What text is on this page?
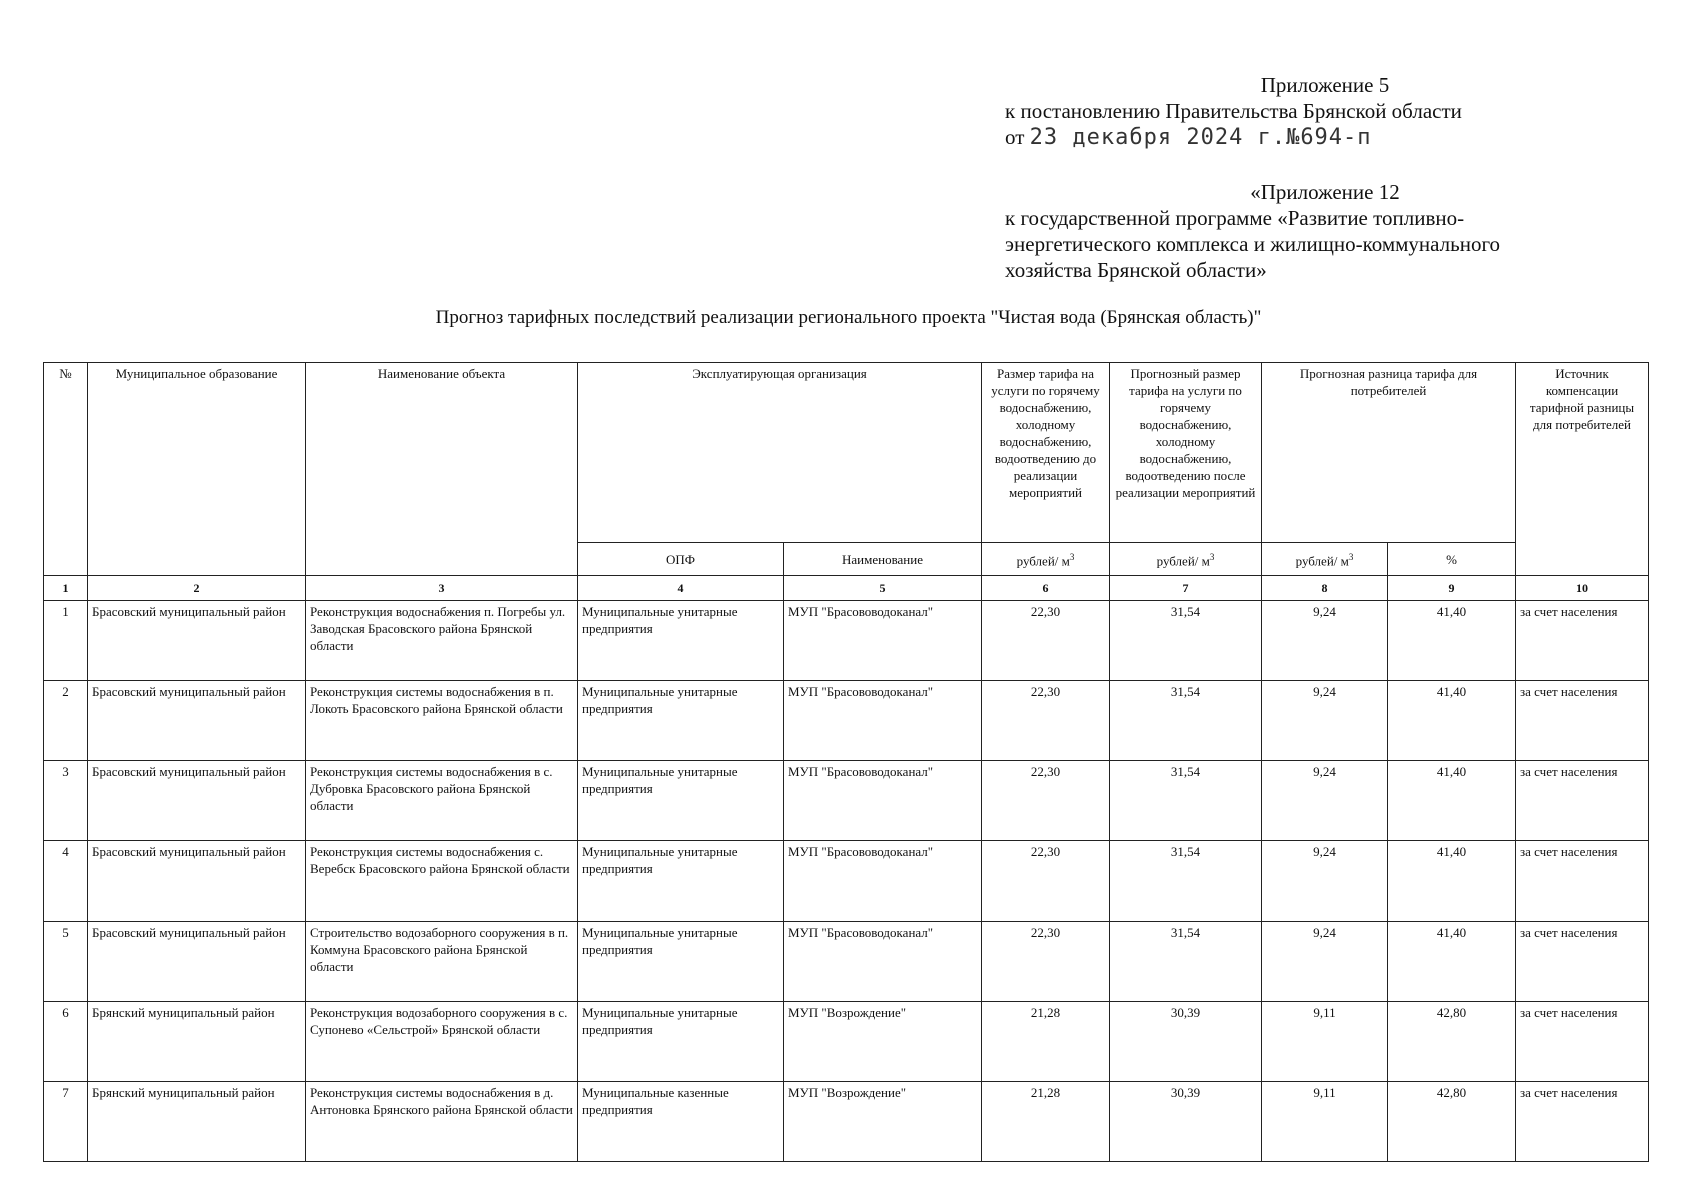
Приложение 5
к постановлению Правительства Брянской области
от 23 декабря 2024 г.№694-п
«Приложение 12
к государственной программе «Развитие топливно-
энергетического комплекса и жилищно-коммунального
хозяйства Брянской области»
Прогноз тарифных последствий реализации регионального проекта "Чистая вода (Брянская область)"
№	Муниципальное образование	Наименование объекта	Эксплуатирующая организация		Размер тарифа на услуги по горячему водоснабжению, холодному водоснабжению, водоотведению до реализации мероприятий	Прогнозный размер тарифа на услуги по горячему водоснабжению, холодному водоснабжению, водоотведению после реализации мероприятий	Прогнозная разница тарифа для потребителей		Источник компенсации тарифной разницы для потребителей
			ОПФ	Наименование	рублей/ $м^3$	рублей/ $м^3$	рублей/ $м^3$	%	
1	2	3	4	5	6	7	8	9	10
1	Брасовский муниципальный район	Реконструкция водоснабжения п. Погребы ул. Заводская Брасовского района Брянской области	Муниципальные унитарные предприятия	МУП "Брасововодоканал"	22,30	31,54	9,24	41,40	за счет населения
2	Брасовский муниципальный район	Реконструкция системы водоснабжения в п. Локоть Брасовского района Брянской области	Муниципальные унитарные предприятия	МУП "Брасововодоканал"	22,30	31,54	9,24	41,40	за счет населения
3	Брасовский муниципальный район	Реконструкция системы водоснабжения в с. Дубровка Брасовского района Брянской области	Муниципальные унитарные предприятия	МУП "Брасововодоканал"	22,30	31,54	9,24	41,40	за счет населения
4	Брасовский муниципальный район	Реконструкция системы водоснабжения с. Веребск Брасовского района Брянской области	Муниципальные унитарные предприятия	МУП "Брасововодоканал"	22,30	31,54	9,24	41,40	за счет населения
5	Брасовский муниципальный район	Строительство водозаборного сооружения в п. Коммуна Брасовского района Брянской области	Муниципальные унитарные предприятия	МУП "Брасововодоканал"	22,30	31,54	9,24	41,40	за счет населения
6	Брянский муниципальный район	Реконструкция водозаборного сооружения в с. Супонево «Сельстрой» Брянской области	Муниципальные унитарные предприятия	МУП "Возрождение"	21,28	30,39	9,11	42,80	за счет населения
7	Брянский муниципальный район	Реконструкция системы водоснабжения в д. Антоновка Брянского района Брянской области	Муниципальные казенные предприятия	МУП "Возрождение"	21,28	30,39	9,11	42,80	за счет населения
